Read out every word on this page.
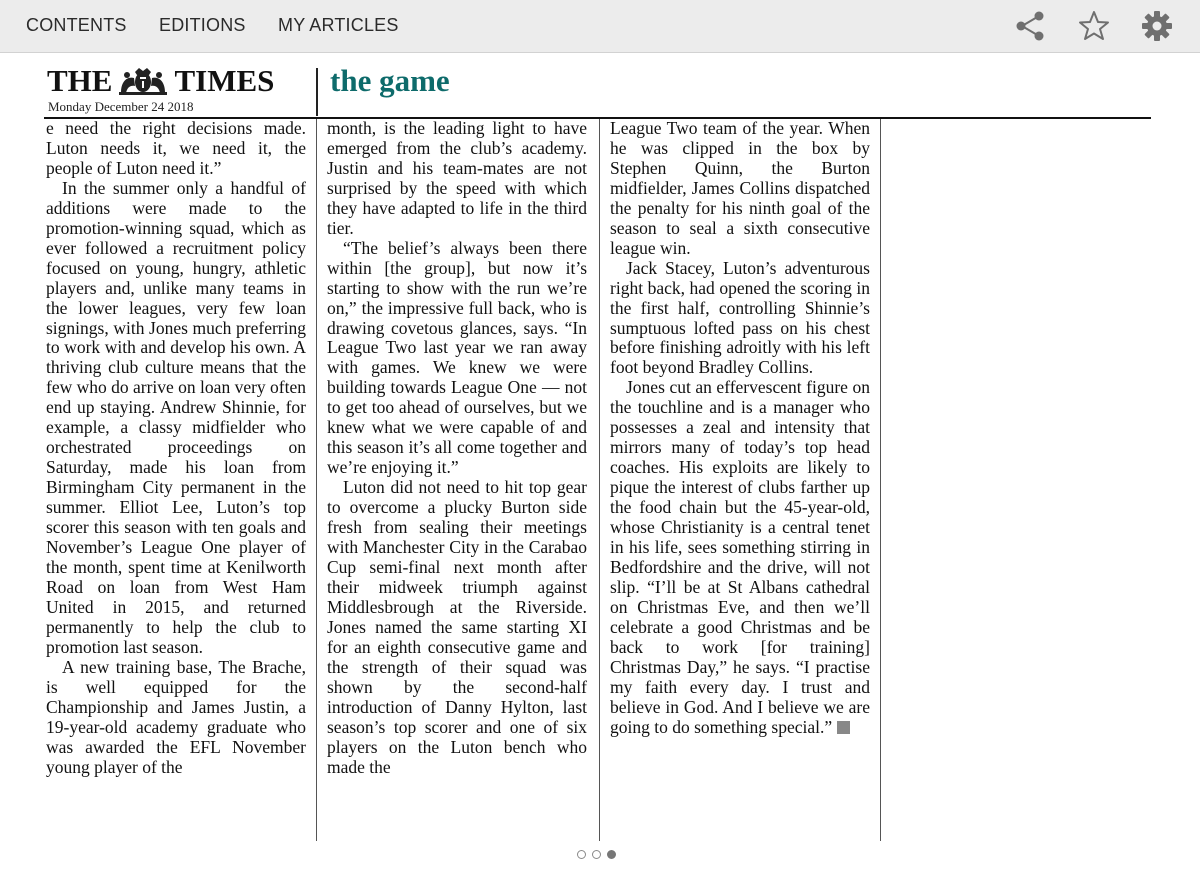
CONTENTS EDITIONS MY ARTICLES
THE TIMES
Monday December 24 2018
the game

e need the right decisions made. Luton needs it, we need it, the people of Luton need it.”

In the summer only a handful of additions were made to the promotion-winning squad, which as ever followed a recruitment policy focused on young, hungry, athletic players and, unlike many teams in the lower leagues, very few loan signings, with Jones much preferring to work with and develop his own. A thriving club culture means that the few who do arrive on loan very often end up staying. Andrew Shinnie, for example, a classy midfielder who orchestrated proceedings on Saturday, made his loan from Birmingham City permanent in the summer. Elliot Lee, Luton’s top scorer this season with ten goals and November’s League One player of the month, spent time at Kenilworth Road on loan from West Ham United in 2015, and returned permanently to help the club to promotion last season.

A new training base, The Brache, is well equipped for the Championship and James Justin, a 19-year-old academy graduate who was awarded the EFL November young player of the

month, is the leading light to have emerged from the club’s academy. Justin and his team-mates are not surprised by the speed with which they have adapted to life in the third tier.

“The belief’s always been there within [the group], but now it’s starting to show with the run we’re on,” the impressive full back, who is drawing covetous glances, says. “In League Two last year we ran away with games. We knew we were building towards League One — not to get too ahead of ourselves, but we knew what we were capable of and this season it’s all come together and we’re enjoying it.”

Luton did not need to hit top gear to overcome a plucky Burton side fresh from sealing their meetings with Manchester City in the Carabao Cup semi-final next month after their midweek triumph against Middlesbrough at the Riverside. Jones named the same starting XI for an eighth consecutive game and the strength of their squad was shown by the second-half introduction of Danny Hylton, last season’s top scorer and one of six players on the Luton bench who made the

League Two team of the year. When he was clipped in the box by Stephen Quinn, the Burton midfielder, James Collins dispatched the penalty for his ninth goal of the season to seal a sixth consecutive league win.

Jack Stacey, Luton’s adventurous right back, had opened the scoring in the first half, controlling Shinnie’s sumptuous lofted pass on his chest before finishing adroitly with his left foot beyond Bradley Collins.

Jones cut an effervescent figure on the touchline and is a manager who possesses a zeal and intensity that mirrors many of today’s top head coaches. His exploits are likely to pique the interest of clubs farther up the food chain but the 45-year-old, whose Christianity is a central tenet in his life, sees something stirring in Bedfordshire and the drive, will not slip. “I’ll be at St Albans cathedral on Christmas Eve, and then we’ll celebrate a good Christmas and be back to work [for training] Christmas Day,” he says. “I practise my faith every day. I trust and believe in God. And I believe we are going to do something special.”
